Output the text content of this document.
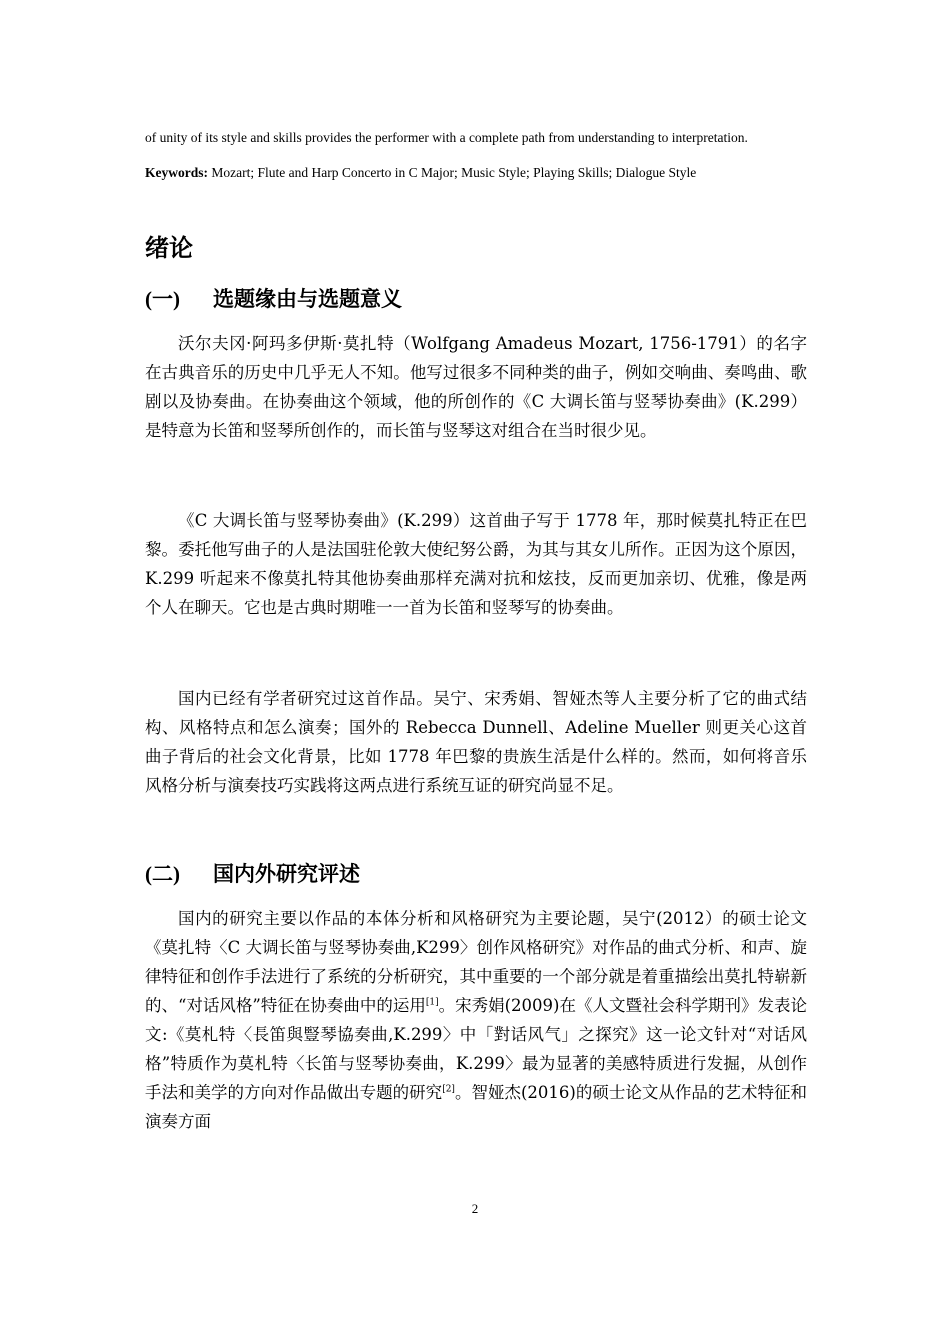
of unity of its style and skills provides the performer with a complete path from understanding to interpretation.
Keywords: Mozart; Flute and Harp Concerto in C Major; Music Style; Playing Skills; Dialogue Style
绪论
(一) 选题缘由与选题意义

沃尔夫冈·阿玛多伊斯·莫扎特（Wolfgang Amadeus Mozart, 1756-1791）的名字在古典音乐的历史中几乎无人不知。他写过很多不同种类的曲子，例如交响曲、奏鸣曲、歌剧以及协奏曲。在协奏曲这个领域，他的所创作的《C 大调长笛与竖琴协奏曲》(K.299）是特意为长笛和竖琴所创作的，而长笛与竖琴这对组合在当时很少见。

《C 大调长笛与竖琴协奏曲》(K.299）这首曲子写于 1778 年，那时候莫扎特正在巴黎。委托他写曲子的人是法国驻伦敦大使纪努公爵，为其与其女儿所作。正因为这个原因，K.299 听起来不像莫扎特其他协奏曲那样充满对抗和炫技，反而更加亲切、优雅，像是两个人在聊天。它也是古典时期唯一一首为长笛和竖琴写的协奏曲。

国内已经有学者研究过这首作品。吴宁、宋秀娟、智娅杰等人主要分析了它的曲式结构、风格特点和怎么演奏；国外的 Rebecca Dunnell、Adeline Mueller 则更关心这首曲子背后的社会文化背景，比如 1778 年巴黎的贵族生活是什么样的。然而，如何将音乐风格分析与演奏技巧实践将这两点进行系统互证的研究尚显不足。

(二) 国内外研究评述

国内的研究主要以作品的本体分析和风格研究为主要论题，吴宁(2012）的硕士论文《莫扎特〈C 大调长笛与竖琴协奏曲,K299〉创作风格研究》对作品的曲式分析、和声、旋律特征和创作手法进行了系统的分析研究，其中重要的一个部分就是着重描绘出莫扎特崭新的、“对话风格”特征在协奏曲中的运用[1]。宋秀娟(2009)在《人文暨社会科学期刊》发表论文:《莫札特〈長笛與豎琴協奏曲,K.299〉中「對话风气」之探究》这一论文针对“对话风格”特质作为莫札特〈长笛与竖琴协奏曲，K.299〉最为显著的美感特质进行发掘，从创作手法和美学的方向对作品做出专题的研究[2]。智娅杰(2016)的硕士论文从作品的艺术特征和演奏方面

2
